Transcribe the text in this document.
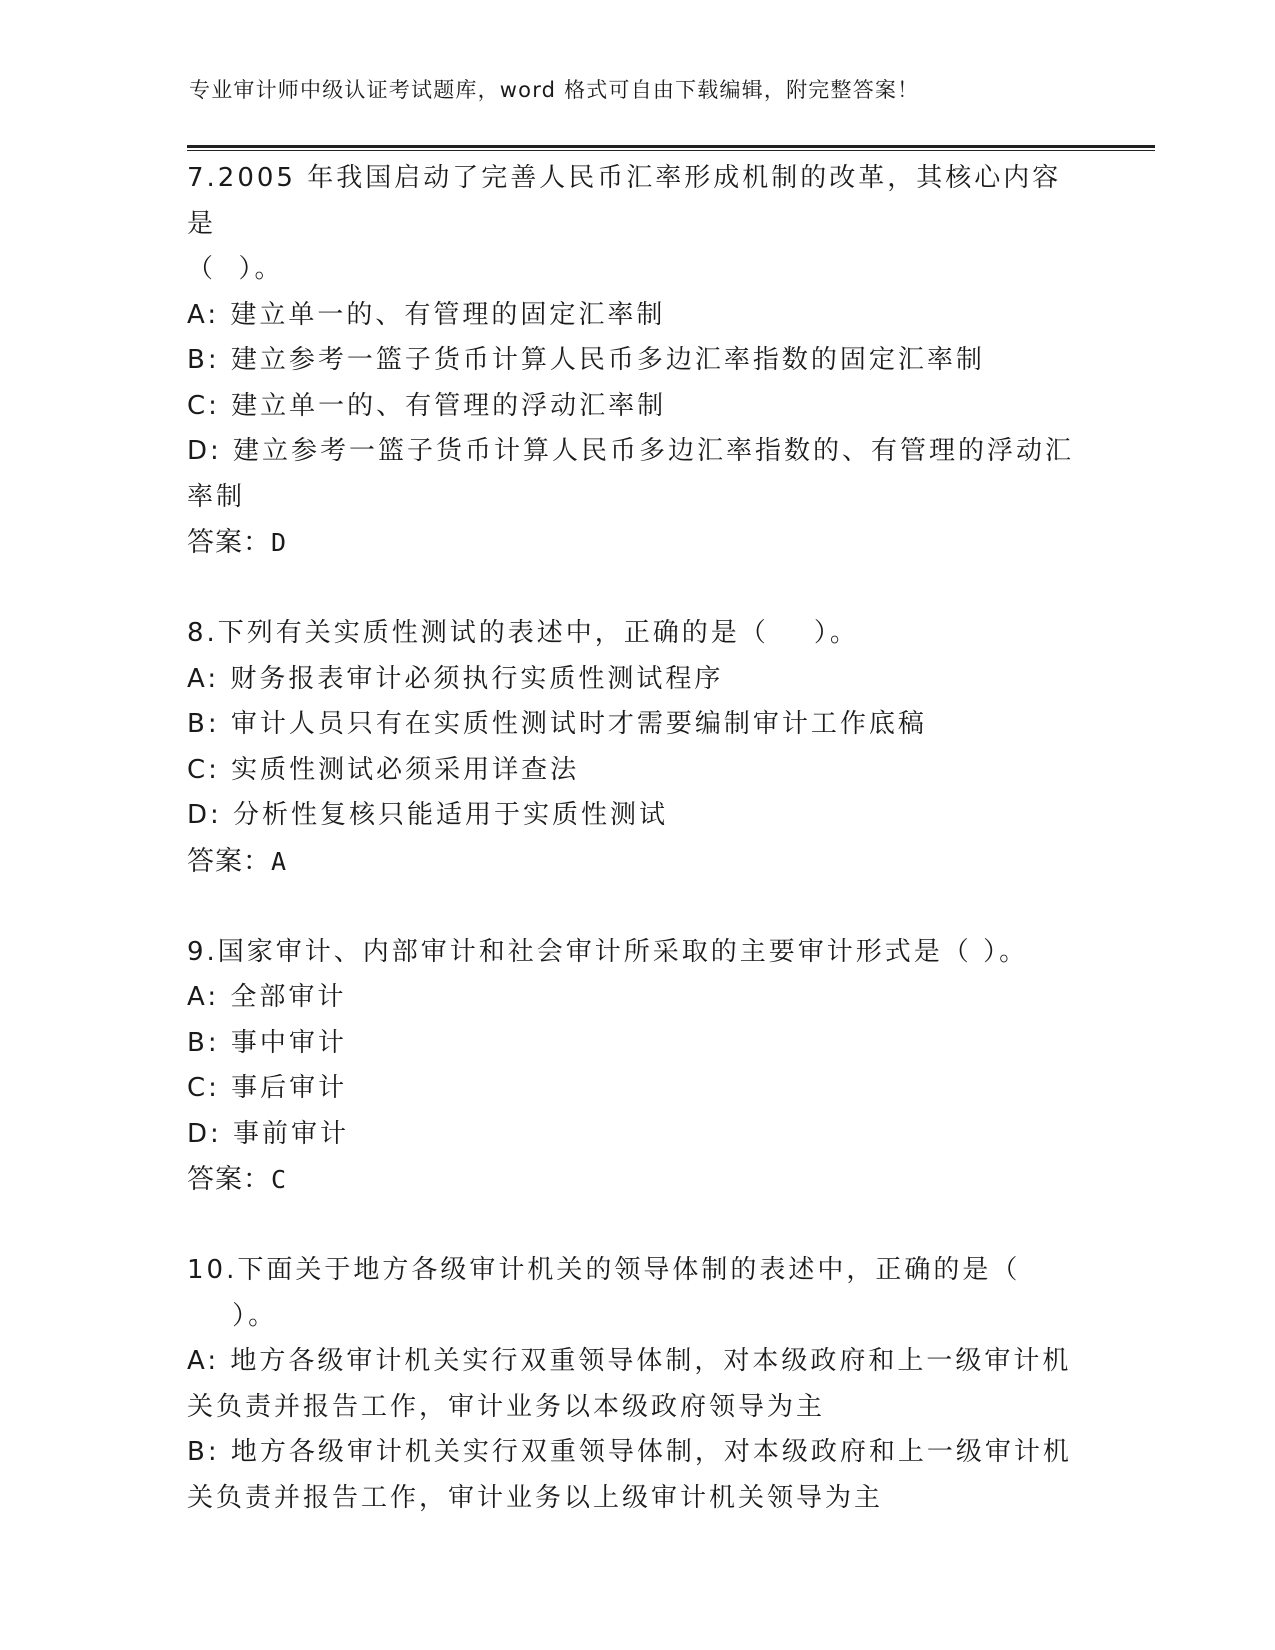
专业审计师中级认证考试题库，word 格式可自由下载编辑，附完整答案！

7.2005 年我国启动了完善人民币汇率形成机制的改革，其核心内容是

（  ）。

A: 建立单一的、有管理的固定汇率制

B: 建立参考一篮子货币计算人民币多边汇率指数的固定汇率制

C: 建立单一的、有管理的浮动汇率制

D: 建立参考一篮子货币计算人民币多边汇率指数的、有管理的浮动汇

率制

答案：D

8.下列有关实质性测试的表述中，正确的是（    ）。

A: 财务报表审计必须执行实质性测试程序

B: 审计人员只有在实质性测试时才需要编制审计工作底稿

C: 实质性测试必须采用详查法

D: 分析性复核只能适用于实质性测试

答案：A

9.国家审计、内部审计和社会审计所采取的主要审计形式是（ ）。

A: 全部审计

B: 事中审计

C: 事后审计

D: 事前审计

答案：C

10.下面关于地方各级审计机关的领导体制的表述中，正确的是（

）。

A: 地方各级审计机关实行双重领导体制，对本级政府和上一级审计机

关负责并报告工作，审计业务以本级政府领导为主

B: 地方各级审计机关实行双重领导体制，对本级政府和上一级审计机

关负责并报告工作，审计业务以上级审计机关领导为主
